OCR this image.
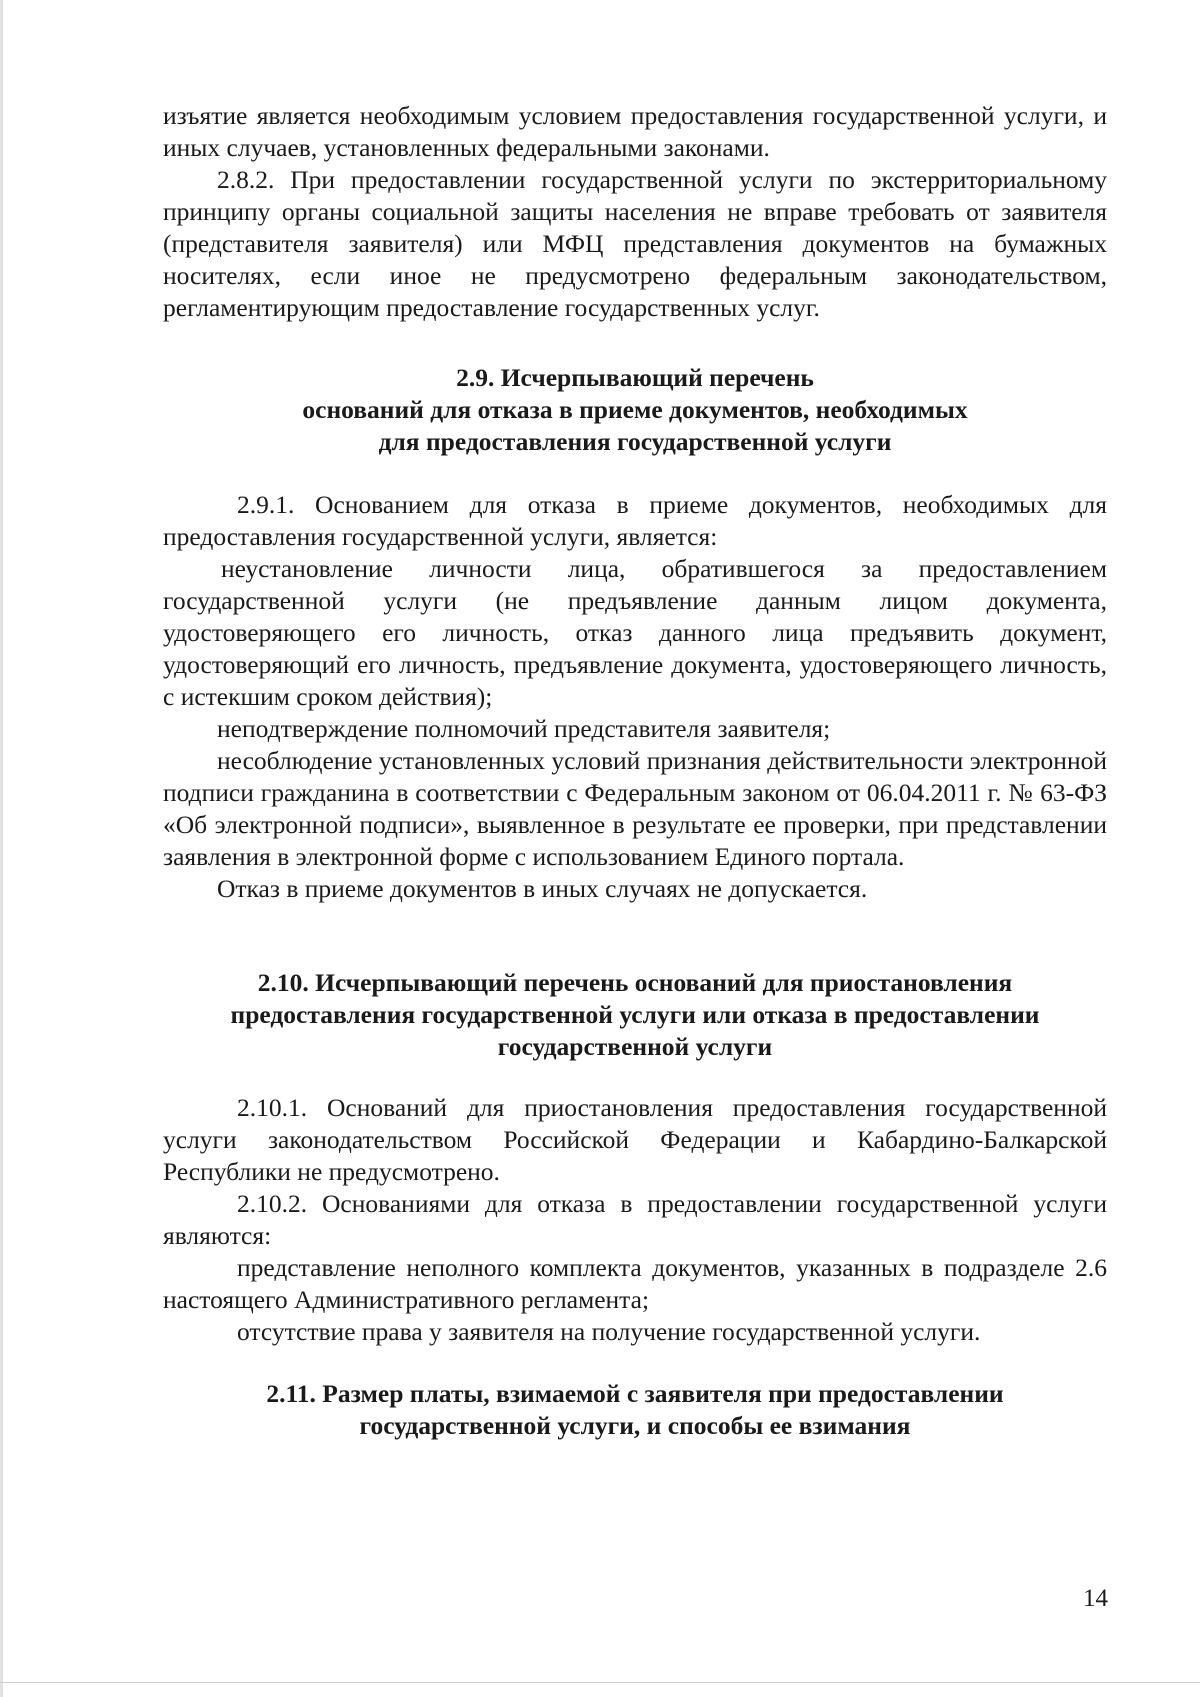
изъятие является необходимым условием предоставления государственной услуги, и иных случаев, установленных федеральными законами.

2.8.2. При предоставлении государственной услуги по экстерриториальному принципу органы социальной защиты населения не вправе требовать от заявителя (представителя заявителя) или МФЦ представления документов на бумажных носителях, если иное не предусмотрено федеральным законодательством, регламентирующим предоставление государственных услуг.

2.9. Исчерпывающий перечень
оснований для отказа в приеме документов, необходимых
для предоставления государственной услуги

2.9.1. Основанием для отказа в приеме документов, необходимых для предоставления государственной услуги, является:

неустановление личности лица, обратившегося за предоставлением государственной услуги (не предъявление данным лицом документа, удостоверяющего его личность, отказ данного лица предъявить документ, удостоверяющий его личность, предъявление документа, удостоверяющего личность, с истекшим сроком действия);

неподтверждение полномочий представителя заявителя;

несоблюдение установленных условий признания действительности электронной подписи гражданина в соответствии с Федеральным законом от 06.04.2011 г. № 63-ФЗ «Об электронной подписи», выявленное в результате ее проверки, при представлении заявления в электронной форме с использованием Единого портала.

Отказ в приеме документов в иных случаях не допускается.

2.10. Исчерпывающий перечень оснований для приостановления
предоставления государственной услуги или отказа в предоставлении
государственной услуги

2.10.1. Оснований для приостановления предоставления государственной услуги законодательством Российской Федерации и Кабардино-Балкарской Республики не предусмотрено.

2.10.2. Основаниями для отказа в предоставлении государственной услуги являются:

представление неполного комплекта документов, указанных в подразделе 2.6 настоящего Административного регламента;

отсутствие права у заявителя на получение государственной услуги.

2.11. Размер платы, взимаемой с заявителя при предоставлении
государственной услуги, и способы ее взимания
14
